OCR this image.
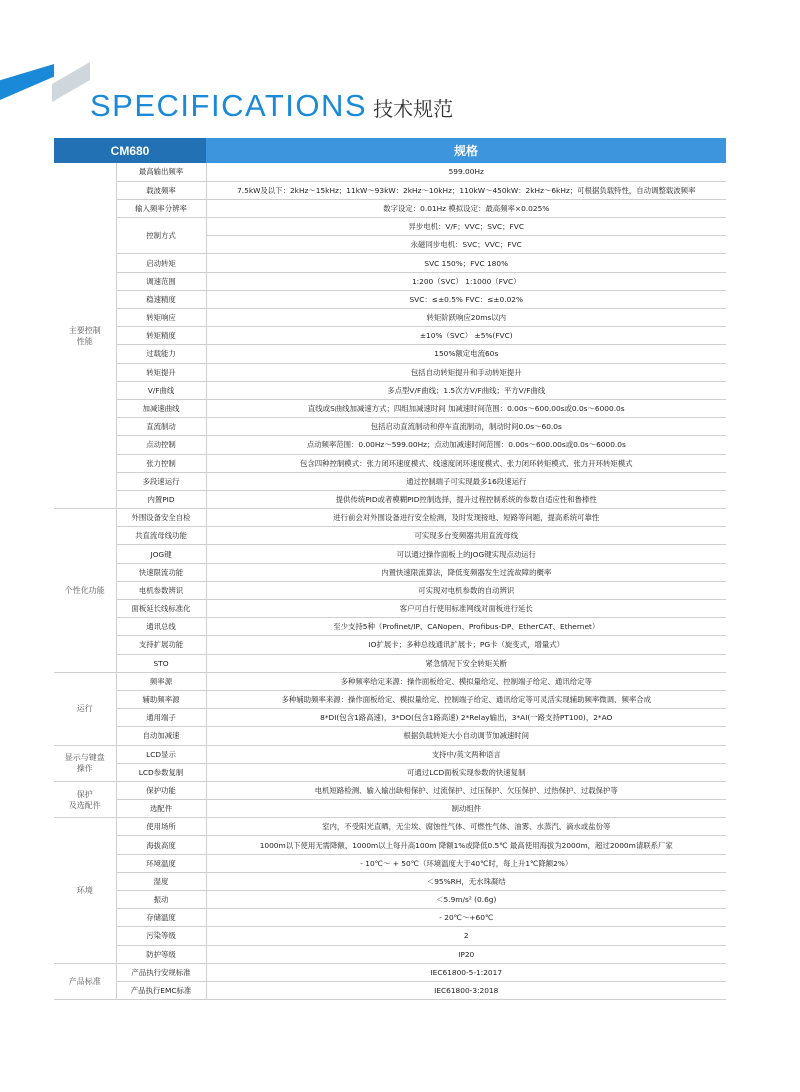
SPECIFICATIONS 技术规范
CM680		规格
主要控制
性能	最高输出频率	599.00Hz
	载波频率	7.5kW及以下：2kHz～15kHz；11kW～93kW：2kHz～10kHz；110kW～450kW：2kHz～6kHz；可根据负载特性，自动调整载波频率
	输入频率分辨率	数字设定：0.01Hz 模拟设定：最高频率×0.025%
	控制方式	异步电机：V/F；VVC；SVC；FVC
		永磁同步电机：SVC；VVC；FVC
	启动转矩	SVC 150%；FVC 180%
	调速范围	1:200（SVC） 1:1000（FVC）
	稳速精度	SVC：≤±0.5% FVC：≤±0.02%
	转矩响应	转矩阶跃响应20ms以内
	转矩精度	±10%（SVC） ±5%(FVC)
	过载能力	150%额定电流60s
	转矩提升	包括自动转矩提升和手动转矩提升
	V/F曲线	多点型V/F曲线；1.5次方V/F曲线；平方V/F曲线
	加减速曲线	直线或S曲线加减速方式；四组加减速时间 加减速时间范围：0.00s～600.00s或0.0s～6000.0s
	直流制动	包括启动直流制动和停车直流制动，制动时间0.0s～60.0s
	点动控制	点动频率范围：0.00Hz～599.00Hz；点动加减速时间范围：0.00s～600.00s或0.0s～6000.0s
	张力控制	包含四种控制模式：张力闭环速度模式、线速度闭环速度模式、张力闭环转矩模式、张力开环转矩模式
	多段速运行	通过控制端子可实现最多16段速运行
	内置PID	提供传统PID或者模糊PID控制选择，提升过程控制系统的参数自适应性和鲁棒性
个性化功能	外围设备安全自检	进行前会对外围设备进行安全检测，及时发现接地、短路等问题，提高系统可靠性
	共直流母线功能	可实现多台变频器共用直流母线
	JOG键	可以通过操作面板上的JOG键实现点动运行
	快速限流功能	内置快速限流算法，降低变频器发生过流故障的概率
	电机参数辨识	可实现对电机参数的自动辨识
	面板延长线标准化	客户可自行使用标准网线对面板进行延长
	通讯总线	至少支持5种（Profinet/IP、CANopen、Profibus-DP、EtherCAT、Ethernet）
	支持扩展功能	IO扩展卡；多种总线通讯扩展卡；PG卡（旋变式，增量式）
	STO	紧急情况下安全转矩关断
运行	频率源	多种频率给定来源：操作面板给定、模拟量给定、控制端子给定、通讯给定等
	辅助频率源	多种辅助频率来源：操作面板给定、模拟量给定、控制端子给定、通讯给定等可灵活实现辅助频率微调、频率合成
	通用端子	8*DI(包含1路高速)，3*DO(包含1路高速) 2*Relay输出，3*AI(一路支持PT100)，2*AO
	自动加减速	根据负载转矩大小自动调节加减速时间
显示与键盘
操作	LCD显示	支持中/英文两种语言
	LCD参数复制	可通过LCD面板实现参数的快速复制
保护
及选配件	保护功能	电机短路检测、输入输出缺相保护、过流保护、过压保护、欠压保护、过热保护、过载保护等
	选配件	制动组件
环境	使用场所	室内，不受阳光直晒，无尘埃、腐蚀性气体、可燃性气体、油雾、水蒸汽、滴水或盐份等
	海拔高度	1000m以下使用无需降额，1000m以上每升高100m 降额1%或降低0.5℃ 最高使用海拔为2000m，超过2000m请联系厂家
	环境温度	- 10℃～ + 50℃（环境温度大于40℃时，每上升1℃降额2%）
	湿度	＜95%RH，无水珠凝结
	振动	＜5.9m/s² (0.6g)
	存储温度	- 20℃～+60℃
	污染等级	2
	防护等级	IP20
产品标准	产品执行安规标准	IEC61800-5-1:2017
	产品执行EMC标准	IEC61800-3:2018
